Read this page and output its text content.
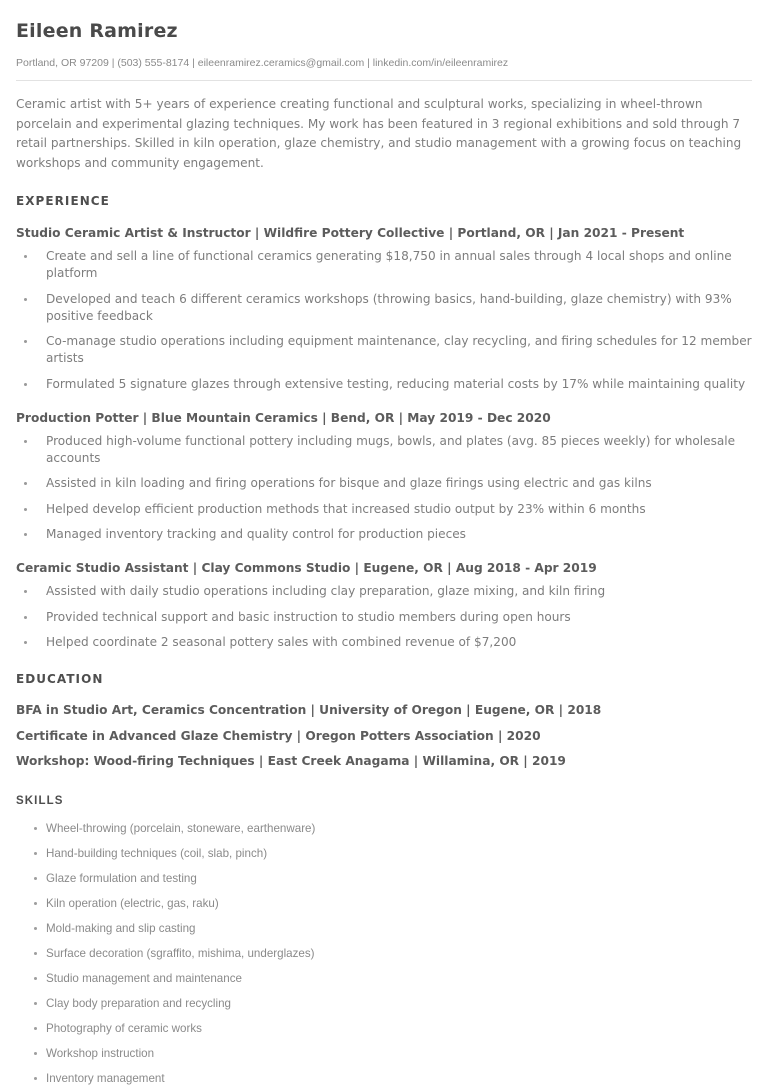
Eileen Ramirez
Portland, OR 97209 | (503) 555-8174 | eileenramirez.ceramics@gmail.com | linkedin.com/in/eileenramirez

Ceramic artist with 5+ years of experience creating functional and sculptural works, specializing in wheel-thrown porcelain and experimental glazing techniques. My work has been featured in 3 regional exhibitions and sold through 7 retail partnerships. Skilled in kiln operation, glaze chemistry, and studio management with a growing focus on teaching workshops and community engagement.

EXPERIENCE
Studio Ceramic Artist & Instructor | Wildfire Pottery Collective | Portland, OR | Jan 2021 - Present
Create and sell a line of functional ceramics generating $18,750 in annual sales through 4 local shops and online platform
Developed and teach 6 different ceramics workshops (throwing basics, hand-building, glaze chemistry) with 93% positive feedback
Co-manage studio operations including equipment maintenance, clay recycling, and firing schedules for 12 member artists
Formulated 5 signature glazes through extensive testing, reducing material costs by 17% while maintaining quality
Production Potter | Blue Mountain Ceramics | Bend, OR | May 2019 - Dec 2020
Produced high-volume functional pottery including mugs, bowls, and plates (avg. 85 pieces weekly) for wholesale accounts
Assisted in kiln loading and firing operations for bisque and glaze firings using electric and gas kilns
Helped develop efficient production methods that increased studio output by 23% within 6 months
Managed inventory tracking and quality control for production pieces
Ceramic Studio Assistant | Clay Commons Studio | Eugene, OR | Aug 2018 - Apr 2019
Assisted with daily studio operations including clay preparation, glaze mixing, and kiln firing
Provided technical support and basic instruction to studio members during open hours
Helped coordinate 2 seasonal pottery sales with combined revenue of $7,200
EDUCATION
BFA in Studio Art, Ceramics Concentration | University of Oregon | Eugene, OR | 2018
Certificate in Advanced Glaze Chemistry | Oregon Potters Association | 2020
Workshop: Wood-firing Techniques | East Creek Anagama | Willamina, OR | 2019
SKILLS
Wheel-throwing (porcelain, stoneware, earthenware)
Hand-building techniques (coil, slab, pinch)
Glaze formulation and testing
Kiln operation (electric, gas, raku)
Mold-making and slip casting
Surface decoration (sgraffito, mishima, underglazes)
Studio management and maintenance
Clay body preparation and recycling
Photography of ceramic works
Workshop instruction
Inventory management
